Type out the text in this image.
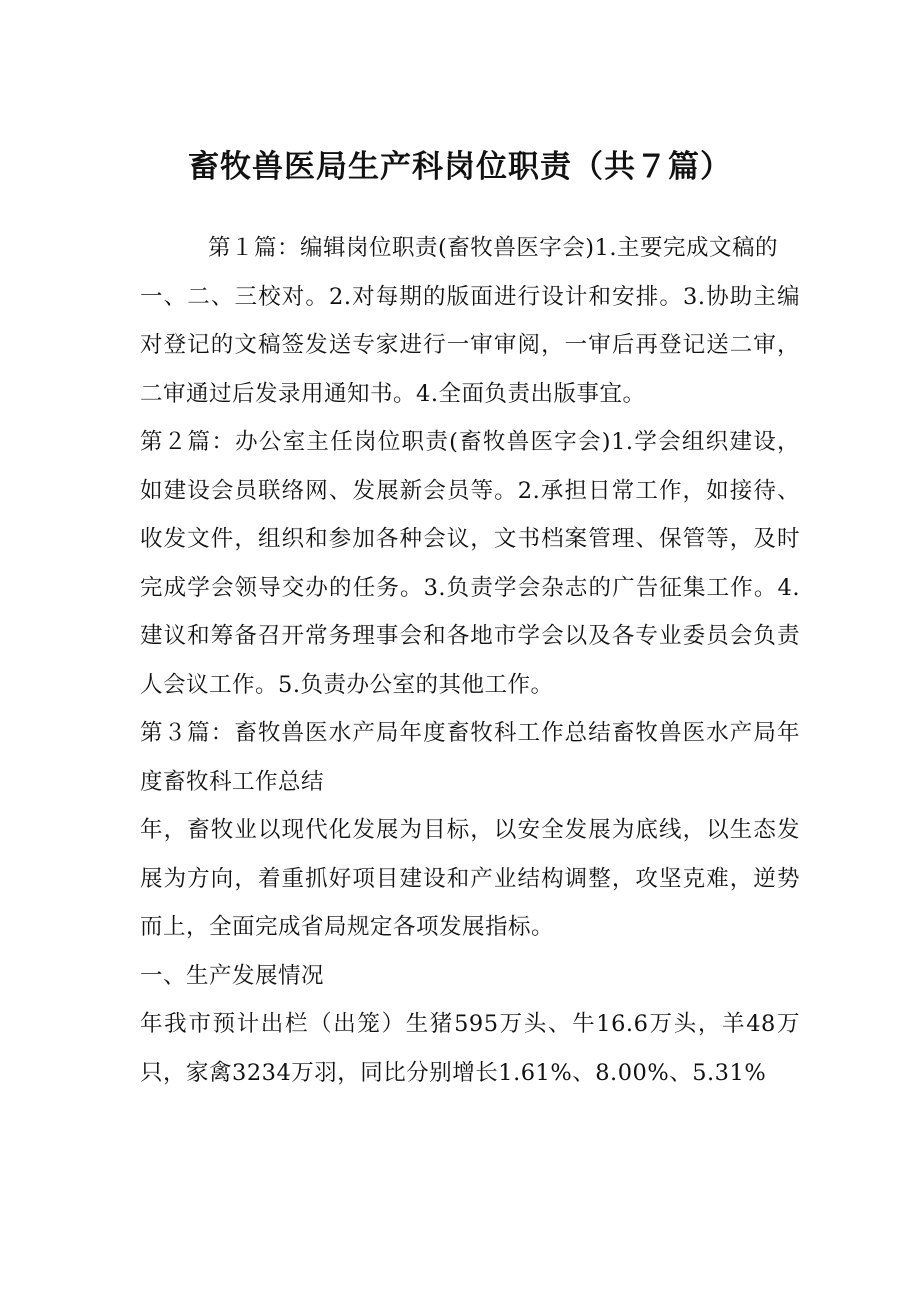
畜牧兽医局生产科岗位职责（共７篇）

第１篇：编辑岗位职责(畜牧兽医字会)1.主要完成文稿的

一、二、三校对。2.对每期的版面进行设计和安排。3.协助主编对登记的文稿签发送专家进行一审审阅，一审后再登记送二审，二审通过后发录用通知书。4.全面负责出版事宜。

第２篇：办公室主任岗位职责(畜牧兽医字会)1.学会组织建设，如建设会员联络网、发展新会员等。2.承担日常工作，如接待、收发文件，组织和参加各种会议，文书档案管理、保管等，及时完成学会领导交办的任务。3.负责学会杂志的广告征集工作。4.建议和筹备召开常务理事会和各地市学会以及各专业委员会负责人会议工作。5.负责办公室的其他工作。

第３篇：畜牧兽医水产局年度畜牧科工作总结畜牧兽医水产局年度畜牧科工作总结

年，畜牧业以现代化发展为目标，以安全发展为底线，以生态发展为方向，着重抓好项目建设和产业结构调整，攻坚克难，逆势而上，全面完成省局规定各项发展指标。

一、生产发展情况

年我市预计出栏（出笼）生猪595万头、牛16.6万头，羊48万只，家禽3234万羽，同比分别增长1.61%、8.00%、5.31%
